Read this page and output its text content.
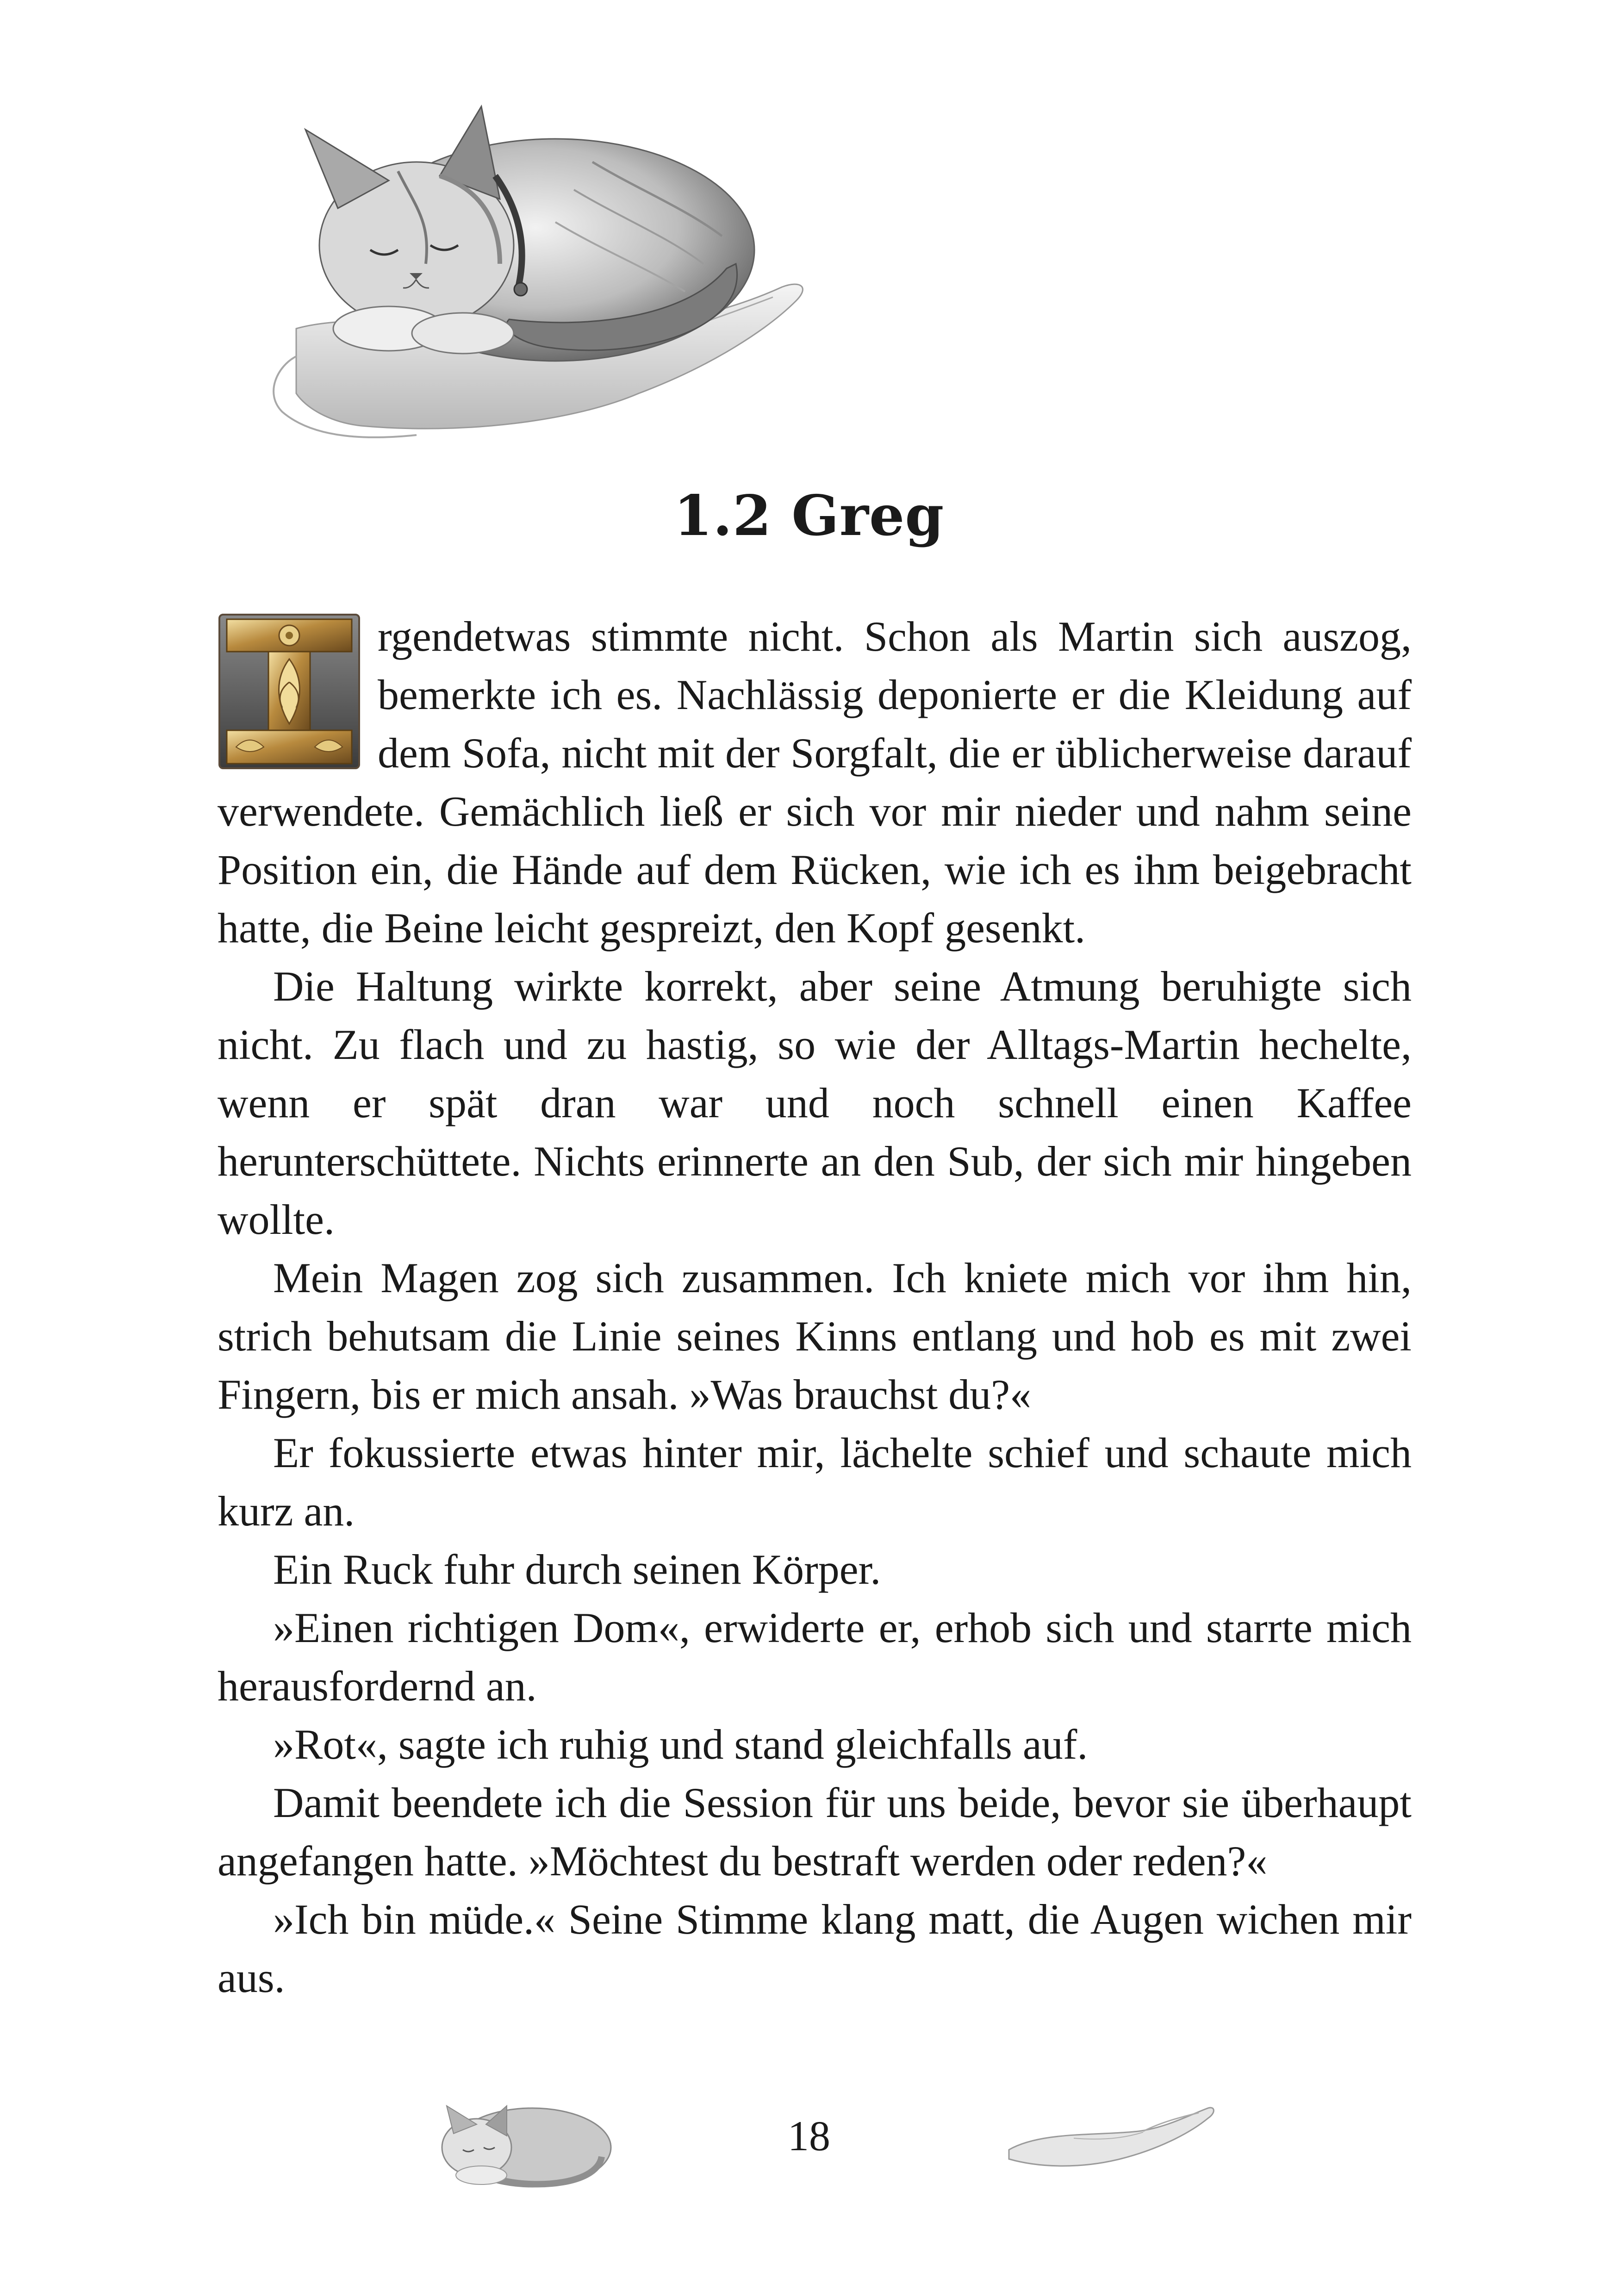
1.2 Greg

rgendetwas stimmte nicht. Schon als Martin sich auszog, bemerkte ich es. Nachlässig deponierte er die Kleidung auf dem Sofa, nicht mit der Sorgfalt, die er üblicherweise darauf verwendete. Gemächlich ließ er sich vor mir nieder und nahm seine Position ein, die Hände auf dem Rücken, wie ich es ihm beigebracht hatte, die Beine leicht gespreizt, den Kopf gesenkt.

Die Haltung wirkte korrekt, aber seine Atmung beruhigte sich nicht. Zu flach und zu hastig, so wie der Alltags-Martin hechelte, wenn er spät dran war und noch schnell einen Kaffee herunterschüttete. Nichts erinnerte an den Sub, der sich mir hingeben wollte.

Mein Magen zog sich zusammen. Ich kniete mich vor ihm hin, strich behutsam die Linie seines Kinns entlang und hob es mit zwei Fingern, bis er mich ansah. »Was brauchst du?«

Er fokussierte etwas hinter mir, lächelte schief und schaute mich kurz an.

Ein Ruck fuhr durch seinen Körper.

»Einen richtigen Dom«, erwiderte er, erhob sich und starrte mich herausfordernd an.

»Rot«, sagte ich ruhig und stand gleichfalls auf.

Damit beendete ich die Session für uns beide, bevor sie überhaupt angefangen hatte. »Möchtest du bestraft werden oder reden?«

»Ich bin müde.« Seine Stimme klang matt, die Augen wichen mir aus.

18
